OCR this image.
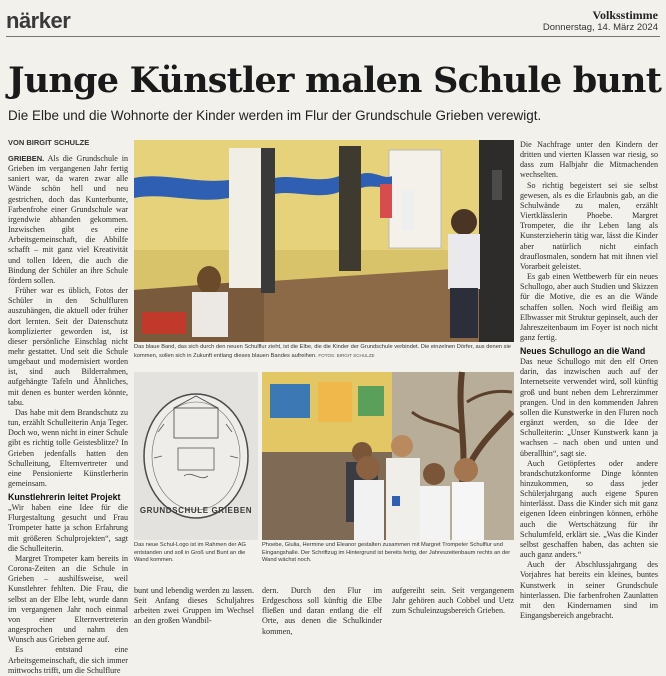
närker	Volksstimme
Donnerstag, 14. März 2024
Junge Künstler malen Schule bunt
Die Elbe und die Wohnorte der Kinder werden im Flur der Grundschule Grieben verewigt.
VON BIRGIT SCHULZE

GRIEBEN. Als die Grundschule in Grieben im vergangenen Jahr fertig saniert war, da waren zwar alle Wände schön hell und neu gestrichen, doch das Kunterbunte, Farbenfrohe einer Grundschule war irgendwie abhanden gekommen. Inzwischen gibt es eine Arbeitsgemeinschaft, die Abhilfe schafft – mit ganz viel Kreativität und tollen Ideen, die auch die Bindung der Schüler an ihre Schule fördern sollen.

Früher war es üblich, Fotos der Schüler in den Schulfluren auszuhängen, die aktuell oder früher dort lernten. Seit der Datenschutz komplizierter geworden ist, ist dieser persönliche Einschlag nicht mehr gestattet. Und seit die Schule umgebaut und modernisiert worden ist, sind auch Bilderrahmen, aufgehängte Tafeln und Ähnliches, mit denen es bunter werden könnte, tabu.

Das habe mit dem Brandschutz zu tun, erzählt Schulleiterin Anja Teger. Doch wo, wenn nicht in einer Schule gibt es richtig tolle Geistesblitze? In Grieben jedenfalls hatten den Schulleitung, Elternvertreter und eine Pensionierte Künstlerherin gemeinsam.

Kunstlehrerin leitet Projekt

„Wir haben eine Idee für die Flurgestaltung gesucht und Frau Trompeter hatte ja schon Erfahrung mit größeren Schulprojekten“, sagt die Schulleiterin.

Margret Trompeter kam bereits in Corona-Zeiten an die Schule in Grieben – aushilfsweise, weil Kunstlehrer fehlten. Die Frau, die selbst an der Elbe lebt, wurde dann im vergangenen Jahr noch einmal von einer Elternvertreterin angesprochen und nahm den Wunsch aus Grieben gerne auf.

Es entstand eine Arbeitsgemeinschaft, die sich immer mittwochs trifft, um die Schulflure

Das blaue Band, das sich durch den neuen Schulflur zieht, ist die Elbe, die die Kinder der Grundschule verbindet. Die einzelnen Dörfer, aus denen sie kommen, sollen sich in Zukunft entlang dieses blauen Bandes aufreihen. FOTOS: BIRGIT SCHULZE

Die Nachfrage unter den Kindern der dritten und vierten Klassen war riesig, so dass zum Halbjahr die Mitmachenden wechselten.

So richtig begeistert sei sie selbst gewesen, als es die Erlaubnis gab, an die Schulwände zu malen, erzählt Viertklässlerin Phoebe. Margret Trompeter, die ihr Leben lang als Kunsterzieherin tätig war, lässt die Kinder aber natürlich nicht einfach drauflosmalen, sondern hat mit ihnen viel Vorarbeit geleistet.

Es gab einen Wettbewerb für ein neues Schullogo, aber auch Studien und Skizzen für die Motive, die es an die Wände schaffen sollen. Noch wird fleißig am Elbwasser mit Struktur gepinselt, auch der Jahreszeitenbaum im Foyer ist noch nicht ganz fertig.

Neues Schullogo an die Wand

Das neue Schullogo mit den elf Orten darin, das inzwischen auch auf der Internetseite verwendet wird, soll künftig groß und bunt neben dem Lehrerzimmer prangen. Und in den kommenden Jahren sollen die Kunstwerke in den Fluren noch ergänzt werden, so die Idee der Schulleiterin: „Unser Kunstwerk kann ja wachsen – nach oben und unten und überallhin“, sagt sie.

Auch Getöpfertes oder andere brandschutzkonforme Dinge könnten hinzukommen, so dass jeder Schülerjahrgang auch eigene Spuren hinterlässt. Dass die Kinder sich mit ganz eigenen Ideen einbringen können, erhöhe auch die Wertschätzung für ihr Schulumfeld, erklärt sie. „Was die Kinder selbst geschaffen haben, das achten sie auch ganz anders.“

Auch der Abschlussjahrgang des Vorjahres hat bereits ein kleines, buntes Kunstwerk in seiner Grundschule hinterlassen. Die farbenfrohen Zaunlatten mit den Kindernamen sind im Eingangsbereich angebracht.

GRUNDSCHULE GRIEBEN
Das neue Schul-Logo ist im Rahmen der AG entstanden und soll in Groß und Bunt an die Wand kommen.
Phoebe, Giulia, Hermine und Eleanor gestalten zusammen mit Margret Trompeter Schulflur und Eingangshalle. Der Schriftzug im Hintergrund ist bereits fertig, der Jahreszeitenbaum rechts an der Wand wächst noch.
bunt und lebendig werden zu lassen. Seit Anfang dieses Schuljahres arbeiten zwei Gruppen im Wechsel an den großen Wandbil-
dern. Durch den Flur im Erdgeschoss soll künftig die Elbe fließen und daran entlang die elf Orte, aus denen die Schulkinder kommen,
aufgereiht sein. Seit vergangenem Jahr gehören auch Cobbel und Uetz zum Schuleinzugsbereich Grieben.
